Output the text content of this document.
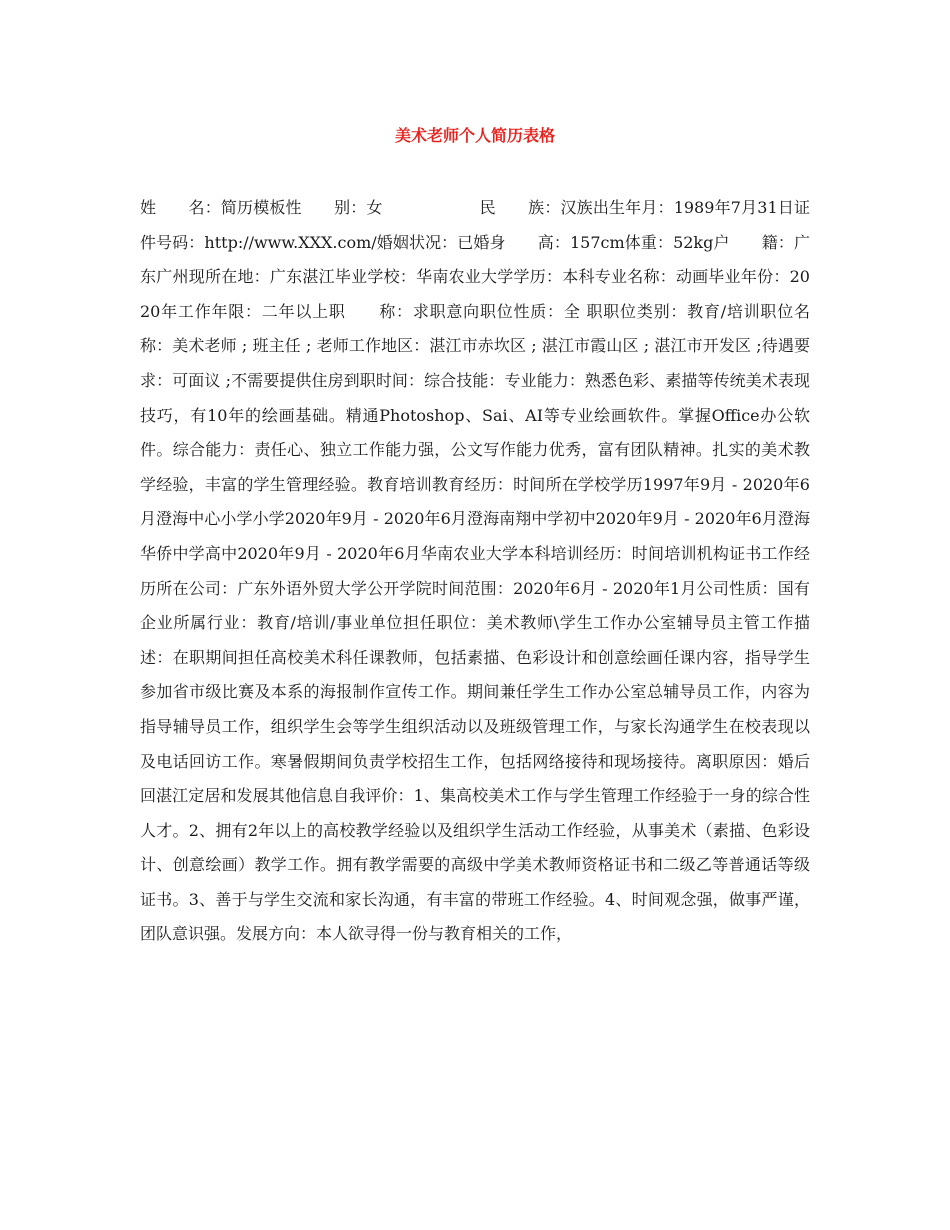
美术老师个人简历表格

姓　　名：简历模板性　　别：女　　　　　　民　　族：汉族出生年月：1989年7月31日证件号码：http://www.XXX.com/婚姻状况：已婚身　　高：157cm体重：52kg户　　籍：广东广州现所在地：广东湛江毕业学校：华南农业大学学历：本科专业名称：动画毕业年份：2020年工作年限：二年以上职　　称：求职意向职位性质：全 职职位类别：教育/培训职位名称：美术老师 ; 班主任 ; 老师工作地区：湛江市赤坎区 ; 湛江市霞山区 ; 湛江市开发区 ;待遇要求：可面议 ;不需要提供住房到职时间：综合技能：专业能力：熟悉色彩、素描等传统美术表现技巧，有10年的绘画基础。精通Photoshop、Sai、AI等专业绘画软件。掌握Office办公软件。综合能力：责任心、独立工作能力强，公文写作能力优秀，富有团队精神。扎实的美术教学经验，丰富的学生管理经验。教育培训教育经历：时间所在学校学历1997年9月 - 2020年6月澄海中心小学小学2020年9月 - 2020年6月澄海南翔中学初中2020年9月 - 2020年6月澄海华侨中学高中2020年9月 - 2020年6月华南农业大学本科培训经历：时间培训机构证书工作经历所在公司：广东外语外贸大学公开学院时间范围：2020年6月 - 2020年1月公司性质：国有企业所属行业：教育/培训/事业单位担任职位：美术教师\学生工作办公室辅导员主管工作描述：在职期间担任高校美术科任课教师，包括素描、色彩设计和创意绘画任课内容，指导学生参加省市级比赛及本系的海报制作宣传工作。期间兼任学生工作办公室总辅导员工作，内容为指导辅导员工作，组织学生会等学生组织活动以及班级管理工作，与家长沟通学生在校表现以及电话回访工作。寒暑假期间负责学校招生工作，包括网络接待和现场接待。离职原因：婚后回湛江定居和发展其他信息自我评价：1、集高校美术工作与学生管理工作经验于一身的综合性人才。2、拥有2年以上的高校教学经验以及组织学生活动工作经验，从事美术（素描、色彩设计、创意绘画）教学工作。拥有教学需要的高级中学美术教师资格证书和二级乙等普通话等级证书。3、善于与学生交流和家长沟通，有丰富的带班工作经验。4、时间观念强，做事严谨，团队意识强。发展方向：本人欲寻得一份与教育相关的工作，
